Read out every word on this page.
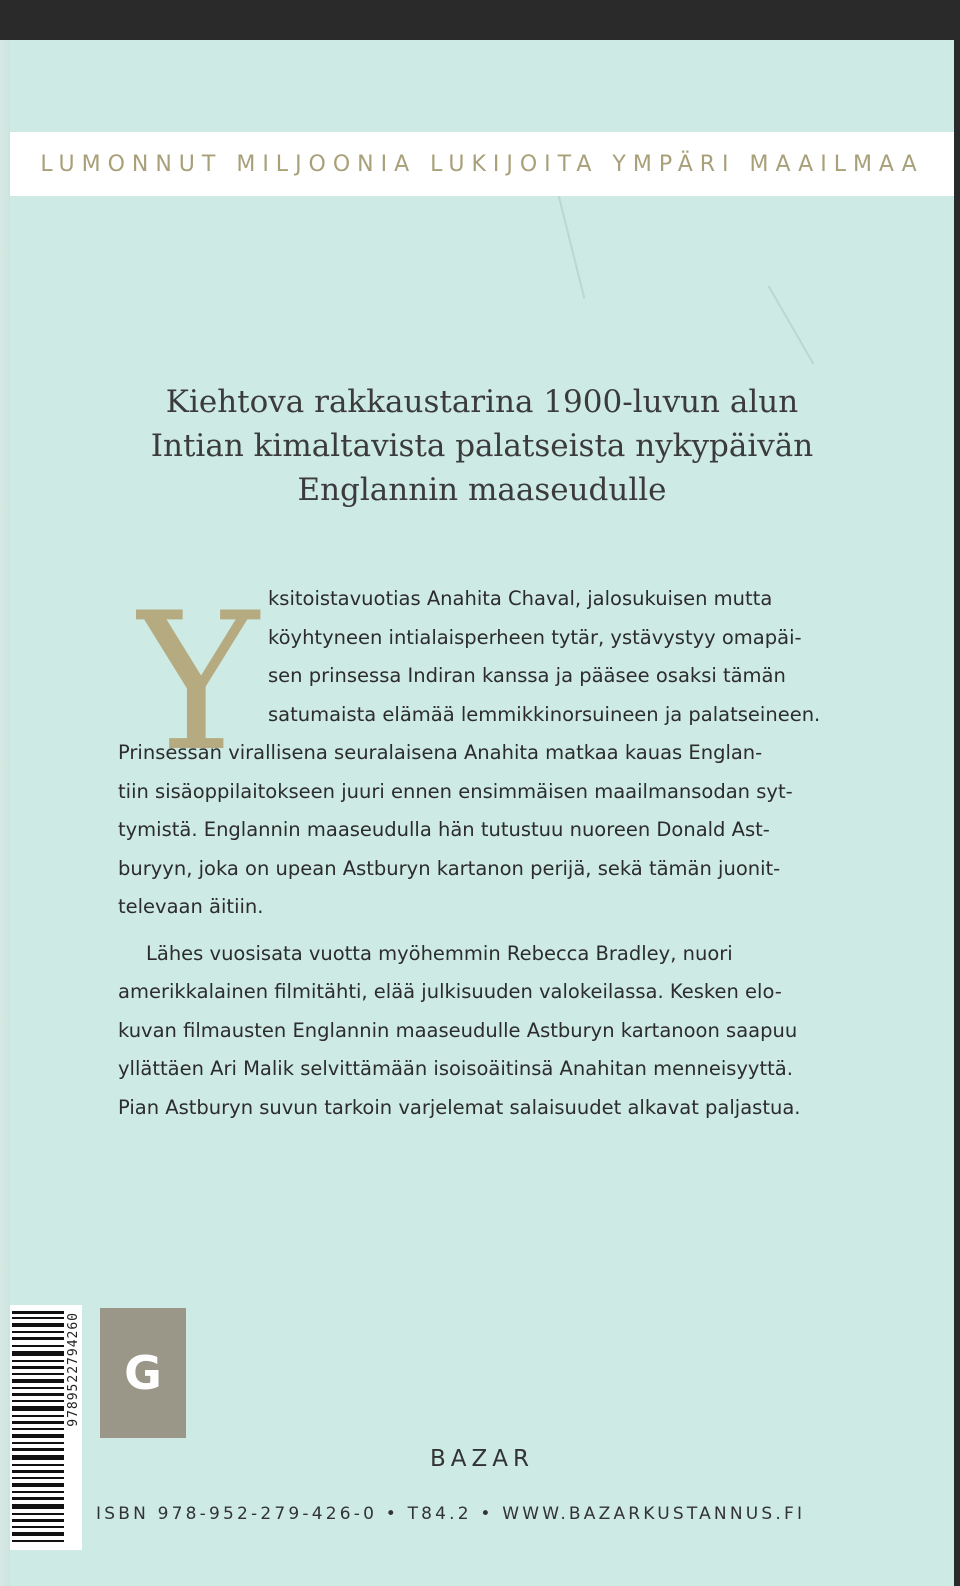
LUMONNUT MILJOONIA LUKIJOITA YMPÄRI MAAILMAA
Kiehtova rakkaustarina 1900-luvun alun
Intian kimaltavista palatseista nykypäivän
Englannin maaseudulle
Y ksitoistavuotias Anahita Chaval, jalosukuisen mutta
köyhtyneen intialaisperheen tytär, ystävystyy omapäi-
sen prinsessa Indiran kanssa ja pääsee osaksi tämän
satumaista elämää lemmikkinorsuineen ja palatseineen.
Prinsessan virallisena seuralaisena Anahita matkaa kauas Englan-
tiin sisäoppilaitokseen juuri ennen ensimmäisen maailmansodan syt-
tymistä. Englannin maaseudulla hän tutustuu nuoreen Donald Ast-
buryyn, joka on upean Astburyn kartanon perijä, sekä tämän juonit-
televaan äitiin.
Lähes vuosisata vuotta myöhemmin Rebecca Bradley, nuori
amerikkalainen filmitähti, elää julkisuuden valokeilassa. Kesken elo-
kuvan filmausten Englannin maaseudulle Astburyn kartanoon saapuu
yllättäen Ari Malik selvittämään isoisoäitinsä Anahitan menneisyyttä.
Pian Astburyn suvun tarkoin varjelemat salaisuudet alkavat paljastua.
9789522794260 G
BAZAR
ISBN 978-952-279-426-0 • T84.2 • WWW.BAZARKUSTANNUS.FI
